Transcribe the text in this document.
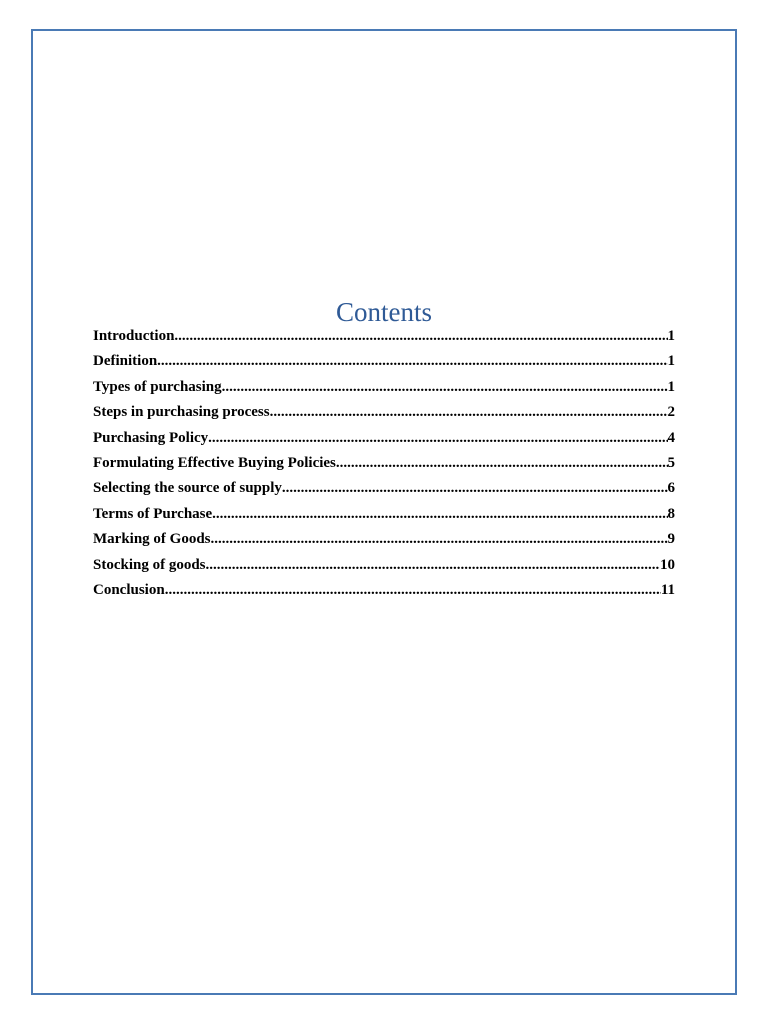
Contents
Introduction .....	1
Definition .....	1
Types of purchasing .....	1
Steps in purchasing process .....	2
Purchasing Policy .....	4
Formulating Effective Buying Policies .....	5
Selecting the source of supply .....	6
Terms of Purchase .....	8
Marking of Goods .....	9
Stocking of goods .....	10
Conclusion .....	11
